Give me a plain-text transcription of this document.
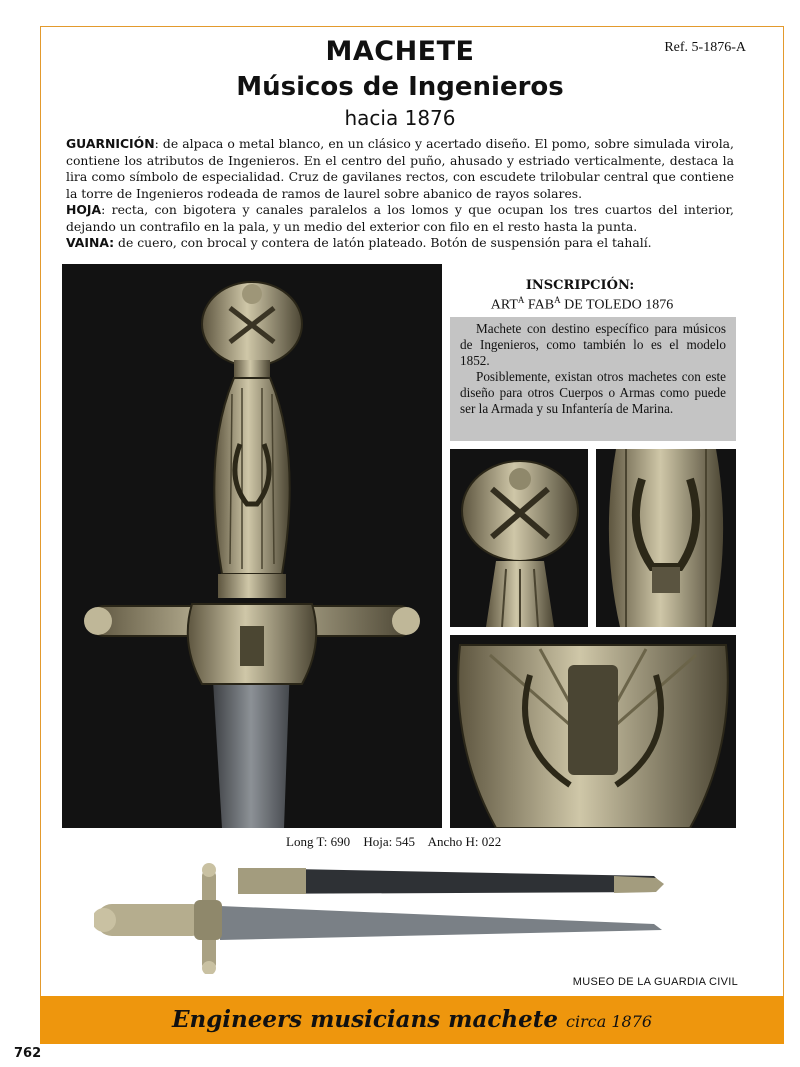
Ref. 5-1876-A
MACHETE
Músicos de Ingenieros
hacia 1876

GUARNICIÓN: de alpaca o metal blanco, en un clásico y acertado diseño. El pomo, sobre simulada virola, contiene los atributos de Ingenieros. En el centro del puño, ahusado y estriado verticalmente, destaca la lira como símbolo de especialidad. Cruz de gavilanes rectos, con escudete trilobular central que contiene la torre de Ingenieros rodeada de ramos de laurel sobre abanico de rayos solares.

HOJA: recta, con bigotera y canales paralelos a los lomos y que ocupan los tres cuartos del interior, dejando un contrafilo en la pala, y un medio del exterior con filo en el resto hasta la punta.

VAINA: de cuero, con brocal y contera de latón plateado. Botón de suspensión para el tahalí.

INSCRIPCIÓN:
$ART^A$ $FAB^A$ DE TOLEDO 1876

Machete con destino específico para músicos de Ingenieros, como también lo es el modelo 1852.

Posiblemente, existan otros machetes con este diseño para otros Cuerpos o Armas como puede ser la Armada y su Infantería de Marina.

Long T: 690 Hoja: 545 Ancho H: 022
MUSEO DE LA GUARDIA CIVIL
Engineers musicians machete circa 1876
762
